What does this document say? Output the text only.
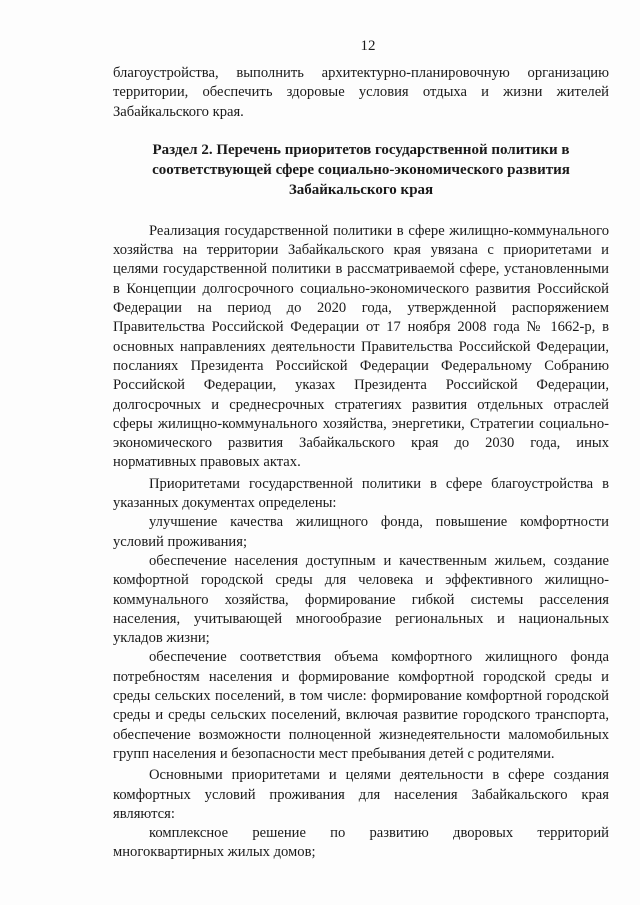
12

благоустройства, выполнить архитектурно-планировочную организацию территории, обеспечить здоровые условия отдыха и жизни жителей Забайкальского края.

Раздел 2. Перечень приоритетов государственной политики в соответствующей сфере социально-экономического развития Забайкальского края

Реализация государственной политики в сфере жилищно-коммунального хозяйства на территории Забайкальского края увязана с приоритетами и целями государственной политики в рассматриваемой сфере, установленными в Концепции долгосрочного социально-экономического развития Российской Федерации на период до 2020 года, утвержденной распоряжением Правительства Российской Федерации от 17 ноября 2008 года № 1662-р, в основных направлениях деятельности Правительства Российской Федерации, посланиях Президента Российской Федерации Федеральному Собранию Российской Федерации, указах Президента Российской Федерации, долгосрочных и среднесрочных стратегиях развития отдельных отраслей сферы жилищно-коммунального хозяйства, энергетики, Стратегии социально-экономического развития Забайкальского края до 2030 года, иных нормативных правовых актах.

Приоритетами государственной политики в сфере благоустройства в указанных документах определены:

улучшение качества жилищного фонда, повышение комфортности условий проживания;

обеспечение населения доступным и качественным жильем, создание комфортной городской среды для человека и эффективного жилищно-коммунального хозяйства, формирование гибкой системы расселения населения, учитывающей многообразие региональных и национальных укладов жизни;

обеспечение соответствия объема комфортного жилищного фонда потребностям населения и формирование комфортной городской среды и среды сельских поселений, в том числе: формирование комфортной городской среды и среды сельских поселений, включая развитие городского транспорта, обеспечение возможности полноценной жизнедеятельности маломобильных групп населения и безопасности мест пребывания детей с родителями.

Основными приоритетами и целями деятельности в сфере создания комфортных условий проживания для населения Забайкальского края являются:

комплексное решение по развитию дворовых территорий многоквартирных жилых домов;
